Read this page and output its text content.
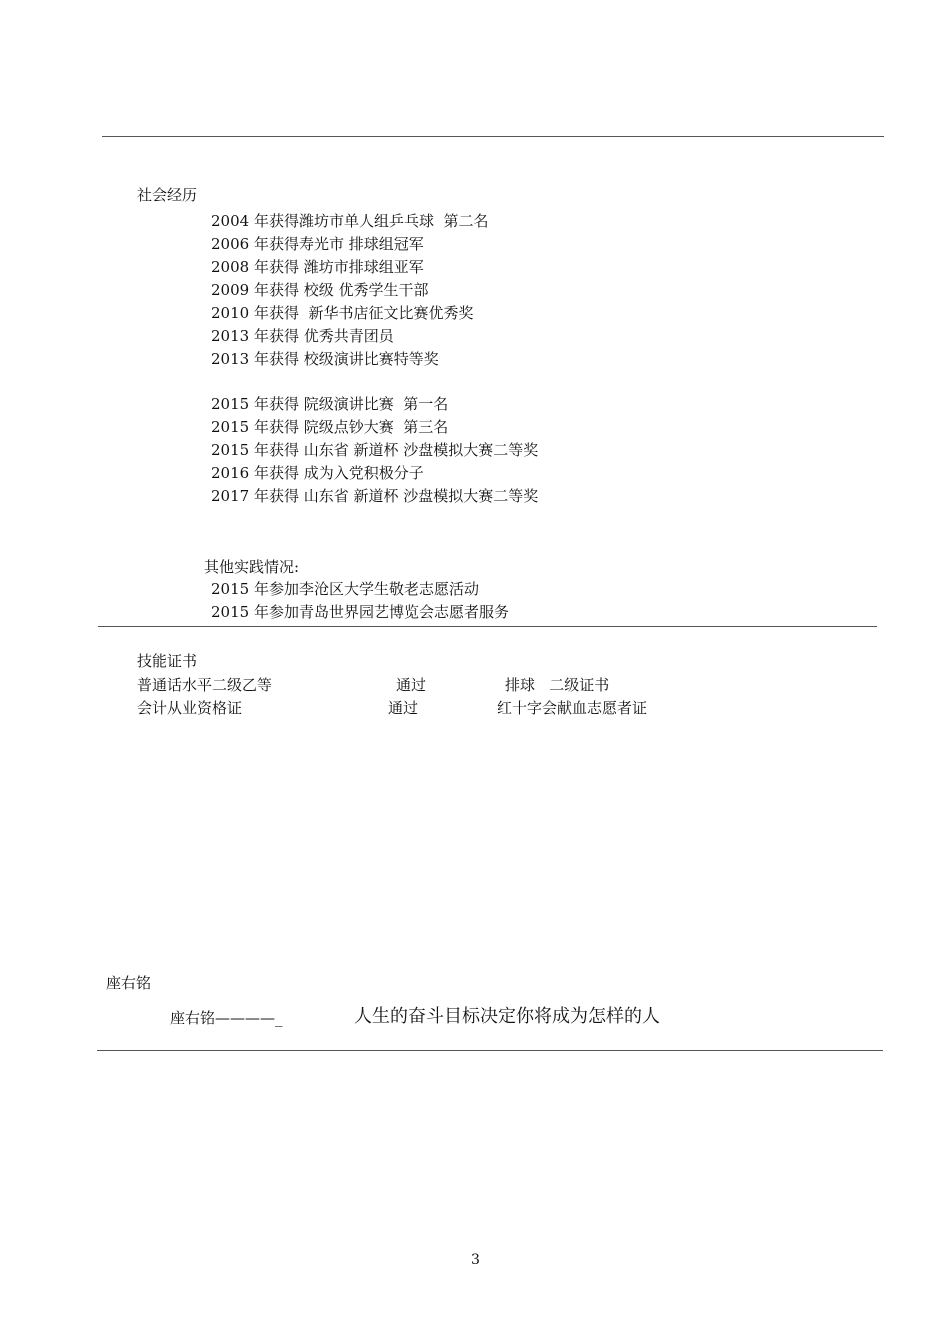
社会经历
2004 年获得潍坊市单人组乒乓球  第二名
2006 年获得寿光市 排球组冠军
2008 年获得 潍坊市排球组亚军
2009 年获得 校级 优秀学生干部
2010 年获得  新华书店征文比赛优秀奖
2013 年获得 优秀共青团员
2013 年获得 校级演讲比赛特等奖
2015 年获得 院级演讲比赛  第一名
2015 年获得 院级点钞大赛  第三名
2015 年获得 山东省 新道杯 沙盘模拟大赛二等奖
2016 年获得 成为入党积极分子
2017 年获得 山东省 新道杯 沙盘模拟大赛二等奖
其他实践情况:
2015 年参加李沧区大学生敬老志愿活动
2015 年参加青岛世界园艺博览会志愿者服务
技能证书
普通话水平二级乙等	通过	排球   二级证书
会计从业资格证	通过	红十字会献血志愿者证
座右铭
座右铭————_	人生的奋斗目标决定你将成为怎样的人
3
